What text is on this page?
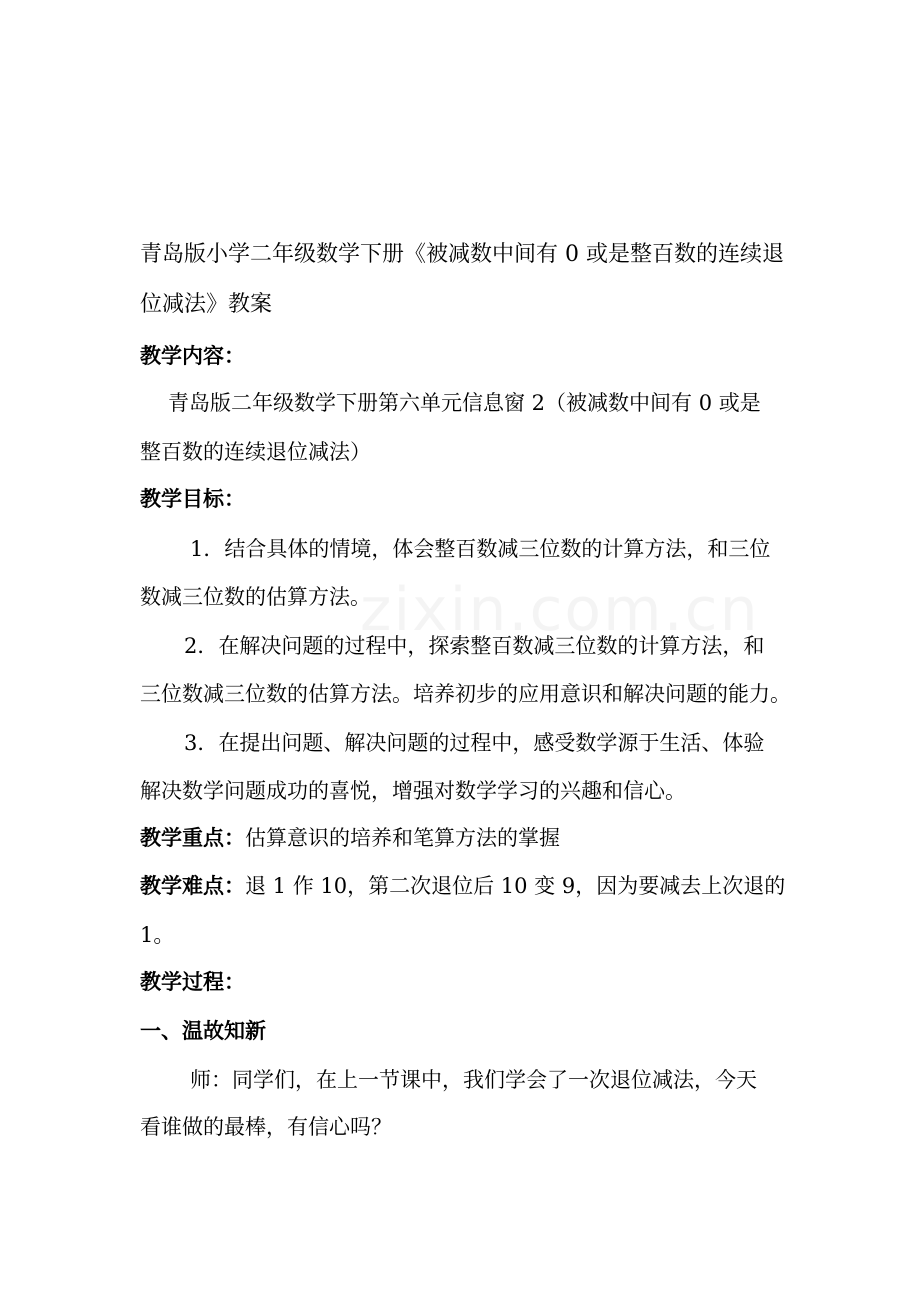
青岛版小学二年级数学下册《被减数中间有 0 或是整百数的连续退
位减法》教案
教学内容：
青岛版二年级数学下册第六单元信息窗 2（被减数中间有 0 或是
整百数的连续退位减法）
教学目标：
1．结合具体的情境，体会整百数减三位数的计算方法，和三位
数减三位数的估算方法。
2．在解决问题的过程中，探索整百数减三位数的计算方法，和
三位数减三位数的估算方法。培养初步的应用意识和解决问题的能力。
3．在提出问题、解决问题的过程中，感受数学源于生活、体验
解决数学问题成功的喜悦，增强对数学学习的兴趣和信心。
教学重点：估算意识的培养和笔算方法的掌握
教学难点：退 1 作 10，第二次退位后 10 变 9，因为要减去上次退的
1。
教学过程：
一、温故知新
师：同学们，在上一节课中，我们学会了一次退位减法，今天
看谁做的最棒，有信心吗？
